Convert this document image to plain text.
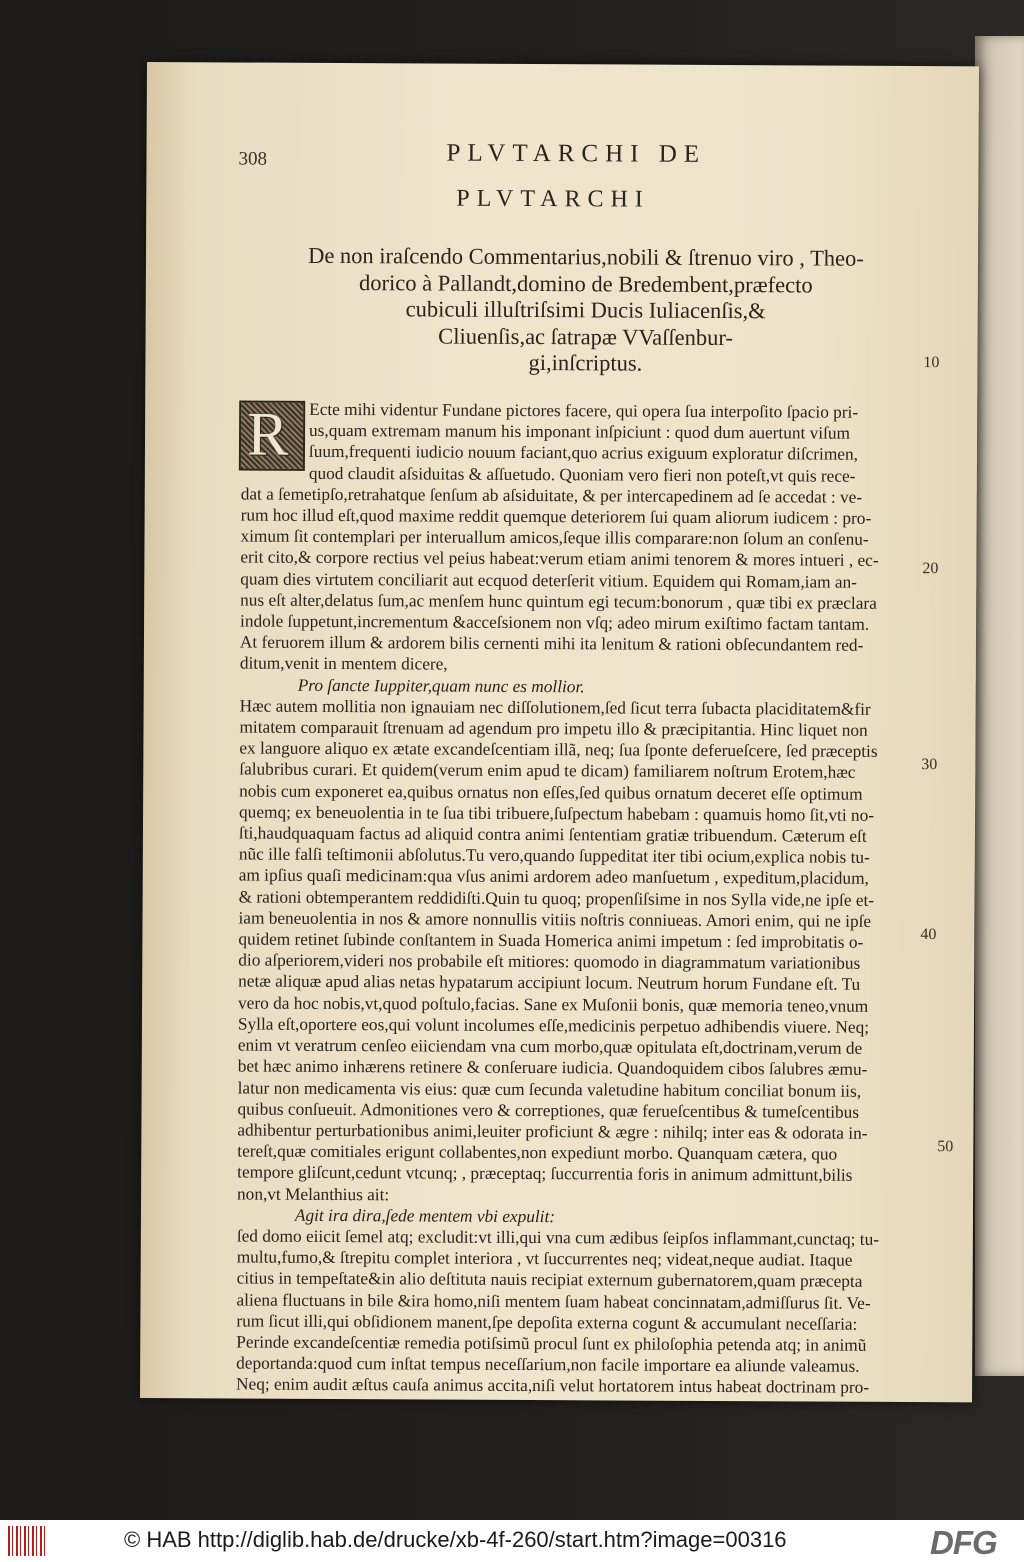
308	PLVTARCHI DE
PLVTARCHI
De non iraſcendo Commentarius,nobili & ſtrenuo viro , Theo-
dorico à Pallandt,domino de Bredembent,præfecto
cubiculi illuſtriſsimi Ducis Iuliacenſis,&
Cliuenſis,ac ſatrapæ VVaſſenbur-
gi,inſcriptus.	10
20
30
40
50
R	Ecte mihi videntur Fundane pictores facere, qui opera ſua interpoſito ſpacio pri-
us,quam extremam manum his imponant inſpiciunt : quod dum auertunt viſum
ſuum,frequenti iudicio nouum faciant,quo acrius exiguum exploratur diſcrimen,
quod claudit aſsiduitas & aſſuetudo. Quoniam vero fieri non poteſt,vt quis rece-
dat a ſemetipſo,retrahatque ſenſum ab aſsiduitate, & per intercapedinem ad ſe accedat : ve-
rum hoc illud eſt,quod maxime reddit quemque deteriorem ſui quam aliorum iudicem : pro-
ximum ſit contemplari per interuallum amicos,ſeque illis comparare:non ſolum an conſenu-
erit cito,& corpore rectius vel peius habeat:verum etiam animi tenorem & mores intueri , ec-
quam dies virtutem conciliarit aut ecquod deterſerit vitium. Equidem qui Romam,iam an-
nus eſt alter,delatus ſum,ac menſem hunc quintum egi tecum:bonorum , quæ tibi ex præclara
indole ſuppetunt,incrementum &acceſsionem non vſq; adeo mirum exiſtimo factam tantam.
At feruorem illum & ardorem bilis cernenti mihi ita lenitum & rationi obſecundantem red-
ditum,venit in mentem dicere,
Pro ſancte Iuppiter,quam nunc es mollior.
Hæc autem mollitia non ignauiam nec diſſolutionem,ſed ſicut terra ſubacta placiditatem&fir
mitatem comparauit ſtrenuam ad agendum pro impetu illo & præcipitantia. Hinc liquet non
ex languore aliquo ex ætate excandeſcentiam illã, neq; ſua ſponte deferueſcere, ſed præceptis
ſalubribus curari. Et quidem(verum enim apud te dicam) familiarem noſtrum Erotem,hæc
nobis cum exponeret ea,quibus ornatus non eſſes,ſed quibus ornatum deceret eſſe optimum
quemq; ex beneuolentia in te ſua tibi tribuere,ſuſpectum habebam : quamuis homo ſit,vti no-
ſti,haudquaquam factus ad aliquid contra animi ſententiam gratiæ tribuendum. Cæterum eſt
nũc ille falſi teſtimonii abſolutus.Tu vero,quando ſuppeditat iter tibi ocium,explica nobis tu-
am ipſius quaſi medicinam:qua vſus animi ardorem adeo manſuetum , expeditum,placidum,
& rationi obtemperantem reddidiſti.Quin tu quoq; propenſiſsime in nos Sylla vide,ne ipſe et-
iam beneuolentia in nos & amore nonnullis vitiis noſtris conniueas. Amori enim, qui ne ipſe
quidem retinet ſubinde conſtantem in Suada Homerica animi impetum : ſed improbitatis o-
dio aſperiorem,videri nos probabile eſt mitiores: quomodo in diagrammatum variationibus
netæ aliquæ apud alias netas hypatarum accipiunt locum. Neutrum horum Fundane eſt. Tu
vero da hoc nobis,vt,quod poſtulo,facias. Sane ex Muſonii bonis, quæ memoria teneo,vnum
Sylla eſt,oportere eos,qui volunt incolumes eſſe,medicinis perpetuo adhibendis viuere. Neq;
enim vt veratrum cenſeo eiiciendam vna cum morbo,quæ opitulata eſt,doctrinam,verum de
bet hæc animo inhærens retinere & conſeruare iudicia. Quandoquidem cibos ſalubres æmu-
latur non medicamenta vis eius: quæ cum ſecunda valetudine habitum conciliat bonum iis,
quibus conſueuit. Admonitiones vero & correptiones, quæ ferueſcentibus & tumeſcentibus
adhibentur perturbationibus animi,leuiter proficiunt & ægre : nihilq; inter eas & odorata in-
tereſt,quæ comitiales erigunt collabentes,non expediunt morbo. Quanquam cætera, quo
tempore gliſcunt,cedunt vtcunq; , præceptaq; ſuccurrentia foris in animum admittunt,bilis
non,vt Melanthius ait:
Agit ira dira,ſede mentem vbi expulit:
ſed domo eiicit ſemel atq; excludit:vt illi,qui vna cum ædibus ſeipſos inflammant,cunctaq; tu-
multu,fumo,& ſtrepitu complet interiora , vt ſuccurrentes neq; videat,neque audiat. Itaque
citius in tempeſtate&in alio deſtituta nauis recipiat externum gubernatorem,quam præcepta
aliena fluctuans in bile &ira homo,niſi mentem ſuam habeat concinnatam,admiſſurus ſit. Ve-
rum ſicut illi,qui obſidionem manent,ſpe depoſita externa cogunt & accumulant neceſſaria:
Perinde excandeſcentiæ remedia potiſsimũ procul ſunt ex philoſophia petenda atq; in animũ
deportanda:quod cum inſtat tempus neceſſarium,non facile importare ea aliunde valeamus.
Neq; enim audit æſtus cauſa animus accita,niſi velut hortatorem intus habeat doctrinam pro-
pere
© HAB http://diglib.hab.de/drucke/xb-4f-260/start.htm?image=00316	DFG
